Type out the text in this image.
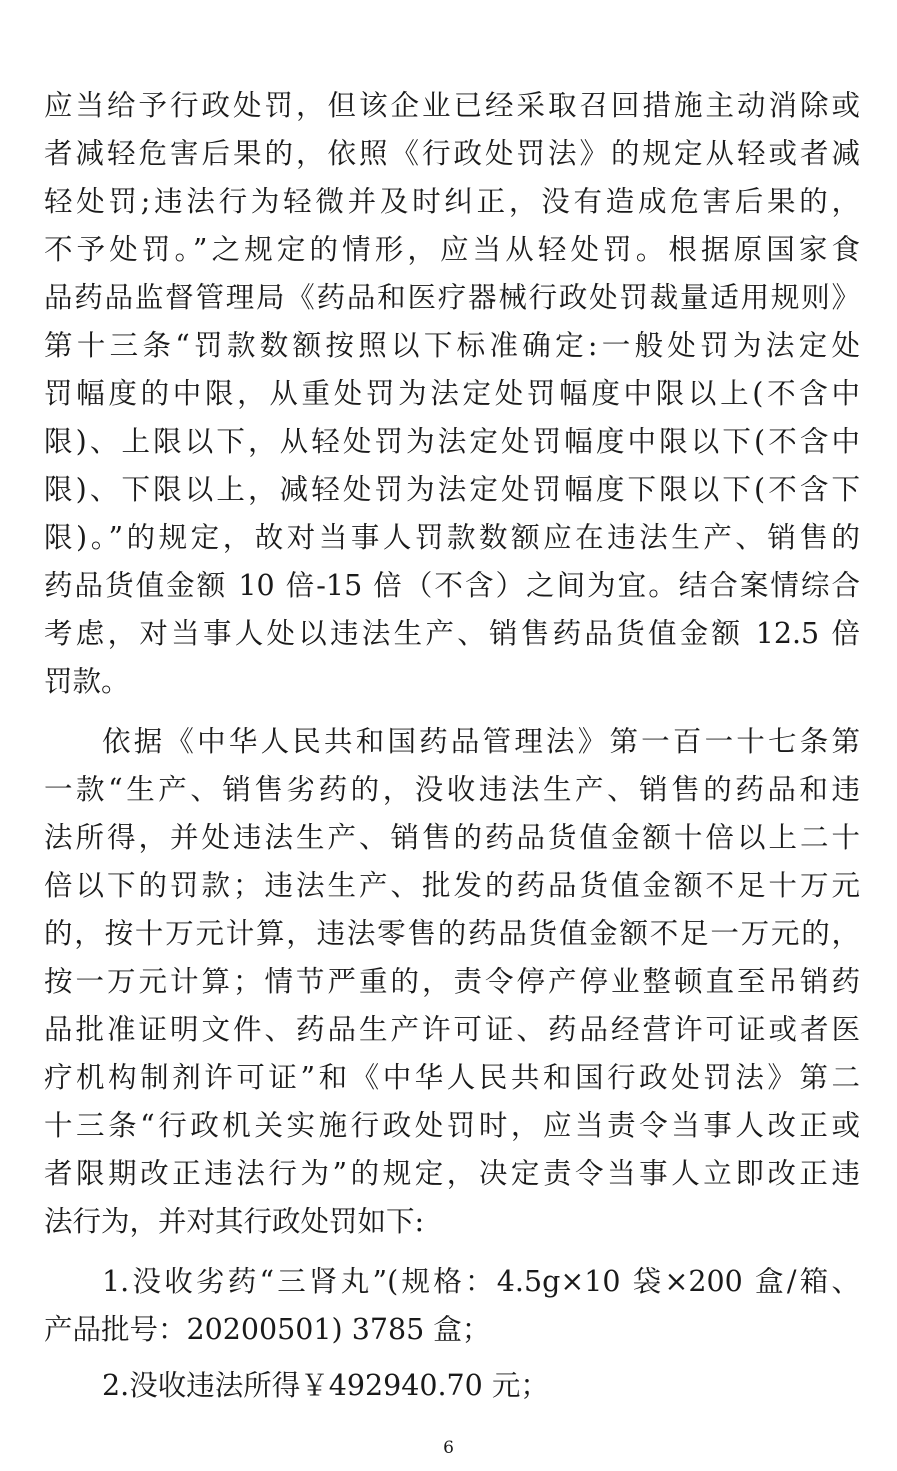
应当给予行政处罚，但该企业已经采取召回措施主动消除或
者减轻危害后果的，依照《行政处罚法》的规定从轻或者减
轻处罚;违法行为轻微并及时纠正，没有造成危害后果的，
不予处罚。”之规定的情形，应当从轻处罚。根据原国家食
品药品监督管理局《药品和医疗器械行政处罚裁量适用规则》
第十三条“罚款数额按照以下标准确定:一般处罚为法定处
罚幅度的中限，从重处罚为法定处罚幅度中限以上(不含中
限)、上限以下，从轻处罚为法定处罚幅度中限以下(不含中
限)、下限以上，减轻处罚为法定处罚幅度下限以下(不含下
限)。”的规定，故对当事人罚款数额应在违法生产、销售的
药品货值金额 10 倍-15 倍（不含）之间为宜。结合案情综合
考虑，对当事人处以违法生产、销售药品货值金额 12.5 倍
罚款。
依据《中华人民共和国药品管理法》第一百一十七条第
一款“生产、销售劣药的，没收违法生产、销售的药品和违
法所得，并处违法生产、销售的药品货值金额十倍以上二十
倍以下的罚款；违法生产、批发的药品货值金额不足十万元
的，按十万元计算，违法零售的药品货值金额不足一万元的，
按一万元计算；情节严重的，责令停产停业整顿直至吊销药
品批准证明文件、药品生产许可证、药品经营许可证或者医
疗机构制剂许可证”和《中华人民共和国行政处罚法》第二
十三条“行政机关实施行政处罚时，应当责令当事人改正或
者限期改正违法行为”的规定，决定责令当事人立即改正违
法行为，并对其行政处罚如下:
1.没收劣药“三肾丸”(规格：4.5g×10 袋×200 盒/箱、
产品批号：20200501) 3785 盒；
2.没收违法所得￥492940.70 元；
6
